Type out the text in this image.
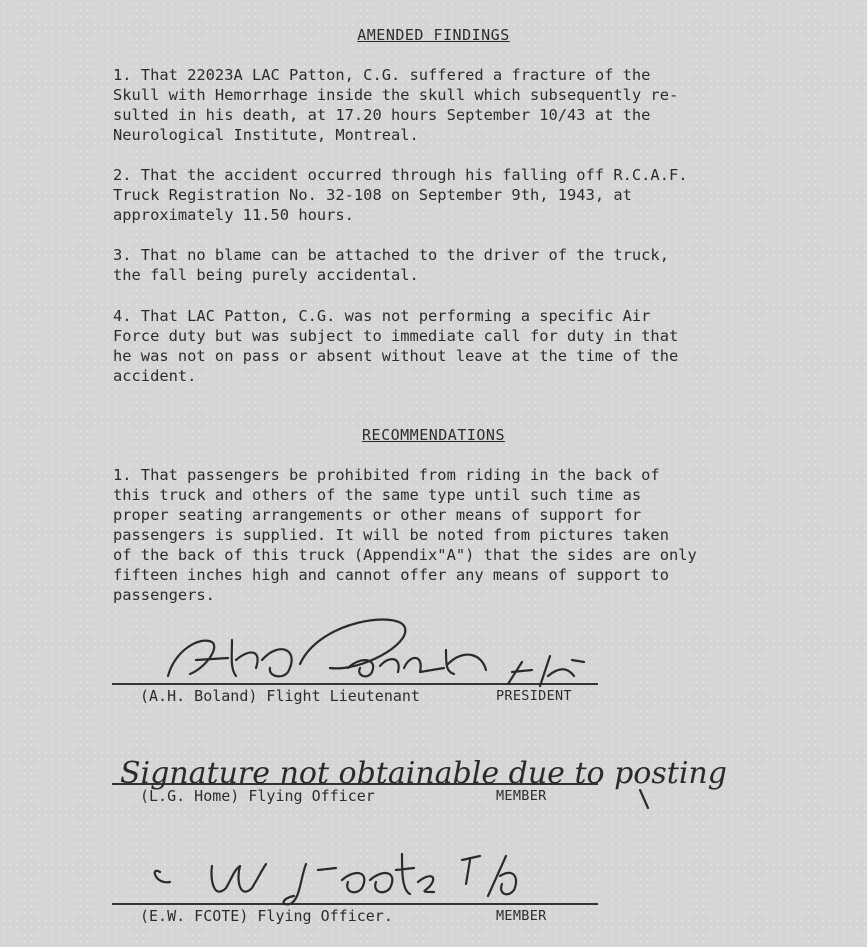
AMENDED FINDINGS

1. That 22023A LAC Patton, C.G. suffered a fracture of the
Skull with Hemorrhage inside the skull which subsequently re-
sulted in his death, at 17.20 hours September 10/43 at the
Neurological Institute, Montreal.

2. That the accident occurred through his falling off R.C.A.F.
Truck Registration No. 32-108 on September 9th, 1943, at
approximately 11.50 hours.

3. That no blame can be attached to the driver of the truck,
the fall being purely accidental.

4. That LAC Patton, C.G. was not performing a specific Air
Force duty but was subject to immediate call for duty in that
he was not on pass or absent without leave at the time of the
accident.

RECOMMENDATIONS

1. That passengers be prohibited from riding in the back of
this truck and others of the same type until such time as
proper seating arrangements or other means of support for
passengers is supplied. It will be noted from pictures taken
of the back of this truck (Appendix"A") that the sides are only
fifteen inches high and cannot offer any means of support to
passengers.

(A.H. Boland) Flight Lieutenant	PRESIDENT
(L.G. Home) Flying Officer	MEMBER
(E.W. FCOTE) Flying Officer.	MEMBER
Signature not obtainable due to posting
